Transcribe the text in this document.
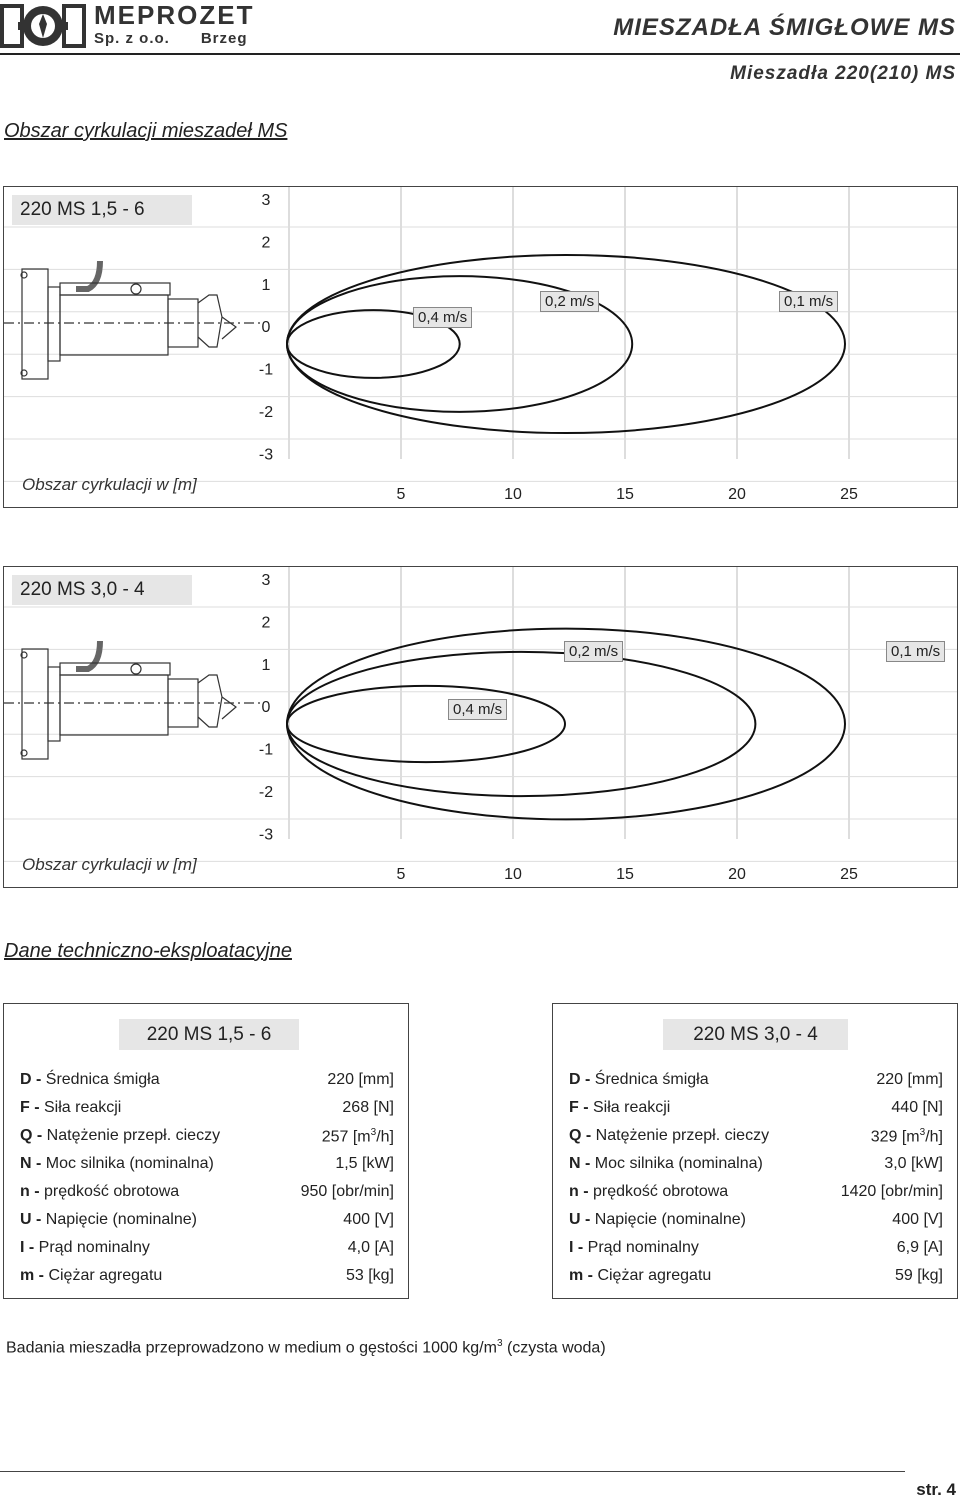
MEPROZET
Sp. z o.o.      Brzeg	MIESZADŁA ŚMIGŁOWE MS
Mieszadła 220(210) MS
Obszar cyrkulacji mieszadeł MS
3
2
1
0
-1
-2
-3
5	10	15	20	25
220 MS 1,5 - 6
Obszar cyrkulacji w [m]
0,4 m/s
0,2 m/s	0,1 m/s
3
2
1
0
-1
-2
-3
5	10	15	20	25
220 MS 3,0 - 4
Obszar cyrkulacji w [m]
0,4 m/s
0,2 m/s	0,1 m/s
Dane techniczno-eksploatacyjne
220 MS 1,5 - 6
D - Średnica śmigła	220 [mm]
F - Siła reakcji	268 [N]
Q - Natężenie przepł. cieczy	257 $[m^3/h]$
N - Moc silnika (nominalna)	1,5 [kW]
n - prędkość obrotowa	950 [obr/min]
U - Napięcie (nominalne)	400 [V]
I - Prąd nominalny	4,0 [A]
m - Ciężar agregatu	53 [kg]
220 MS 3,0 - 4
D - Średnica śmigła	220 [mm]
F - Siła reakcji	440 [N]
Q - Natężenie przepł. cieczy	329 $[m^3/h]$
N - Moc silnika (nominalna)	3,0 [kW]
n - prędkość obrotowa	1420 [obr/min]
U - Napięcie (nominalne)	400 [V]
I - Prąd nominalny	6,9 [A]
m - Ciężar agregatu	59 [kg]
Badania mieszadła przeprowadzono w medium o gęstości 1000 $kg/m^3$ (czysta woda)
str. 4
